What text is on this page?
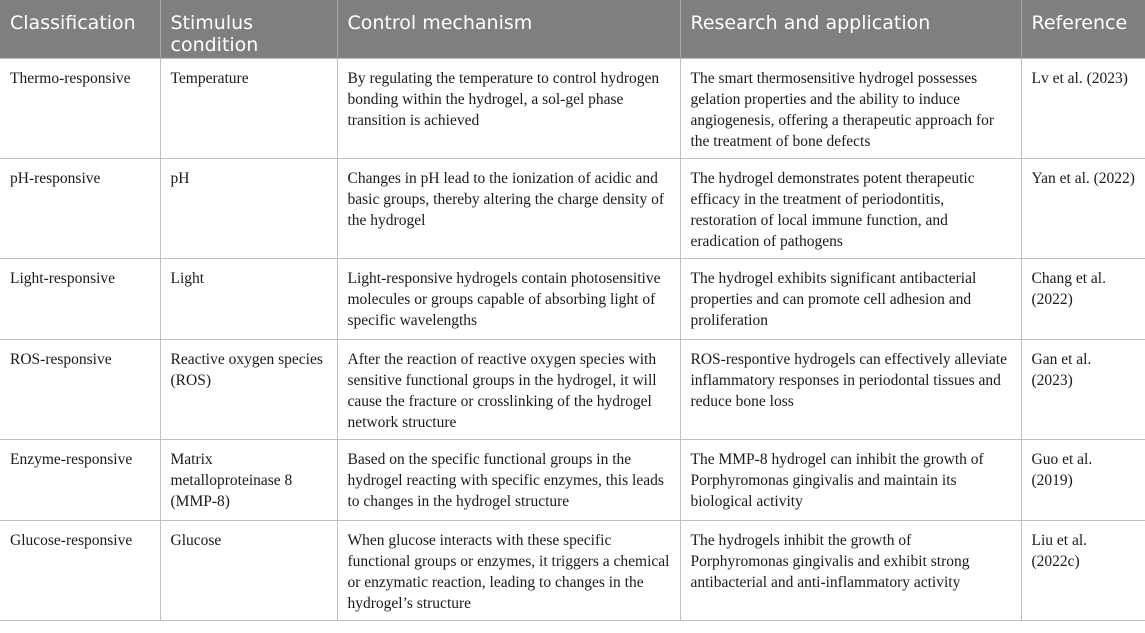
Classification	Stimulus condition	Control mechanism	Research and application	Reference
Thermo-responsive	Temperature	By regulating the temperature to control hydrogen bonding within the hydrogel, a sol-gel phase transition is achieved	The smart thermosensitive hydrogel possesses gelation properties and the ability to induce angiogenesis, offering a therapeutic approach for the treatment of bone defects	Lv et al. (2023)
pH-responsive	pH	Changes in pH lead to the ionization of acidic and basic groups, thereby altering the charge density of the hydrogel	The hydrogel demonstrates potent therapeutic efficacy in the treatment of periodontitis, restoration of local immune function, and eradication of pathogens	Yan et al. (2022)
Light-responsive	Light	Light-responsive hydrogels contain photosensitive molecules or groups capable of absorbing light of specific wavelengths	The hydrogel exhibits significant antibacterial properties and can promote cell adhesion and proliferation	Chang et al. (2022)
ROS-responsive	Reactive oxygen species (ROS)	After the reaction of reactive oxygen species with sensitive functional groups in the hydrogel, it will cause the fracture or crosslinking of the hydrogel network structure	ROS-respontive hydrogels can effectively alleviate inflammatory responses in periodontal tissues and reduce bone loss	Gan et al. (2023)
Enzyme-responsive	Matrix metalloproteinase 8 (MMP-8)	Based on the specific functional groups in the hydrogel reacting with specific enzymes, this leads to changes in the hydrogel structure	The MMP-8 hydrogel can inhibit the growth of Porphyromonas gingivalis and maintain its biological activity	Guo et al. (2019)
Glucose-responsive	Glucose	When glucose interacts with these specific functional groups or enzymes, it triggers a chemical or enzymatic reaction, leading to changes in the hydrogel’s structure	The hydrogels inhibit the growth of Porphyromonas gingivalis and exhibit strong antibacterial and anti-inflammatory activity	Liu et al. (2022c)
